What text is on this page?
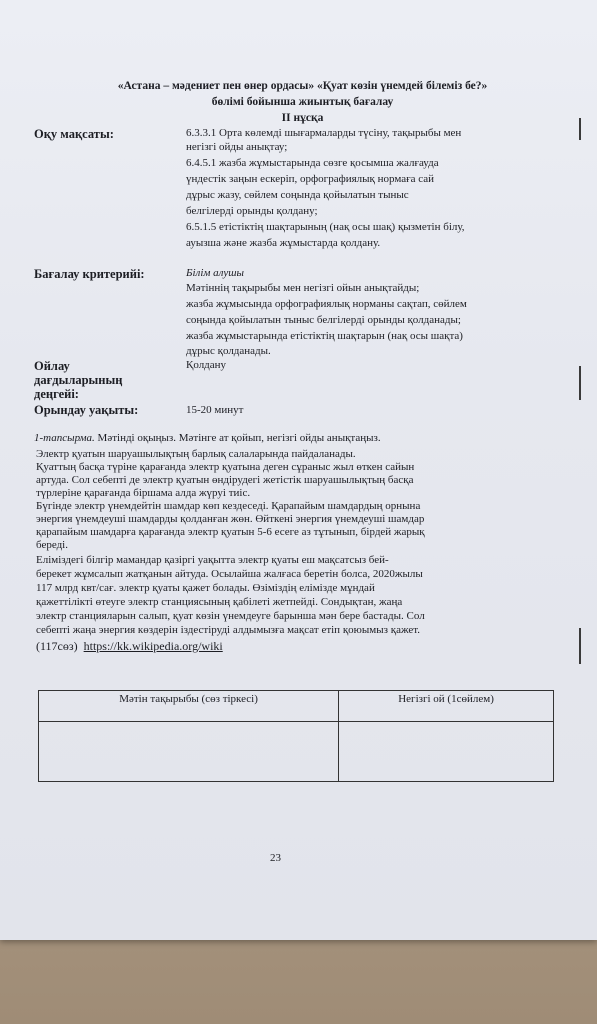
«Астана – мәдениет пен өнер ордасы» «Қуат көзін үнемдей білеміз бе?»
бөлімі бойынша жиынтық бағалау
II нұсқа
Оқу мақсаты:	6.3.3.1 Орта көлемді шығармаларды түсіну, тақырыбы мен
негізгі ойды анықтау;
6.4.5.1 жазба жұмыстарында сөзге қосымша жалғауда
үндестік заңын ескеріп, орфографиялық нормаға сай
дұрыс жазу, сөйлем соңында қойылатын тыныс
белгілерді орынды қолдану;
6.5.1.5 етістіктің шақтарының (нақ осы шақ) қызметін білу,
ауызша және жазба жұмыстарда қолдану.
Бағалау критерийі:	Білім алушы
Мәтіннің тақырыбы мен негізгі ойын анықтайды;
жазба жұмысында орфографиялық норманы сақтап, сөйлем
соңында қойылатын тыныс белгілерді орынды қолданады;
жазба жұмыстарында етістіктің шақтарын (нақ осы шақта)
дұрыс қолданады.
Ойлау
дағдыларының
деңгейі:
Қолдану
Орындау уақыты:	15-20 минут
1-тапсырма. Мәтінді оқыңыз. Мәтінге ат қойып, негізгі ойды анықтаңыз.
Электр қуатын шаруашылықтың барлық салаларында пайдаланады.
Қуаттың басқа түріне қарағанда электр қуатына деген сұраныс жыл өткен сайын
артуда. Сол себепті де электр қуатын өндірудегі жетістік шаруашылықтың басқа
түрлеріне қарағанда біршама алда жүруі тиіс.
Бүгінде электр үнемдейтін шамдар көп кездеседі. Қарапайым шамдардың орнына
энергия үнемдеуші шамдарды қолданған жөн. Өйткені энергия үнемдеуші шамдар
қарапайым шамдарға қарағанда электр қуатын 5-6 есеге аз тұтынып, бірдей жарық
береді.
Еліміздегі білгір мамандар қазіргі уақытта электр қуаты еш мақсатсыз бей-
берекет жұмсалып жатқанын айтуда. Осылайша жалғаса беретін болса, 2020жылы
117 млрд квт/сағ. электр қуаты қажет болады. Өзіміздің елімізде мұндай
қажеттілікті өтеуге электр станциясының қабілеті жетпейді. Сондықтан, жаңа
электр станцияларын салып, қуат көзін үнемдеуге барынша мән бере бастады. Сол
себепті жаңа энергия көздерін іздестіруді алдымызға мақсат етіп қоюымыз қажет.
(117сөз) https://kk.wikipedia.org/wiki
Мәтін тақырыбы (сөз тіркесі)	Негізгі ой (1сөйлем)

23
